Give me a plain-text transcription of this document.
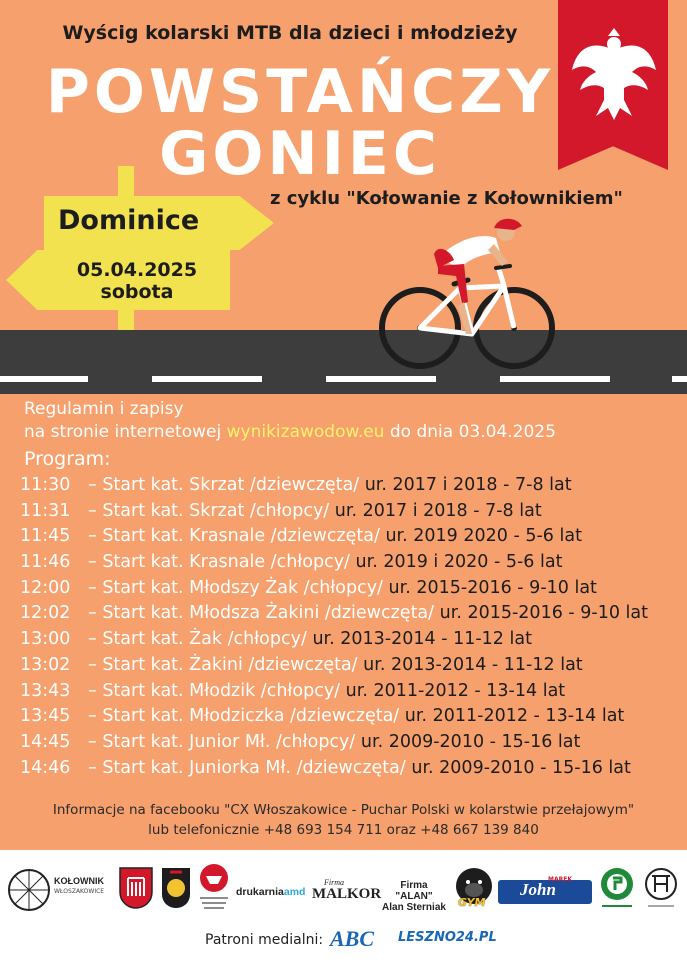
Wyścig kolarski MTB dla dzieci i młodzieży
POWSTAŃCZY
GONIEC
z cyklu "Kołowanie z Kołownikiem"
Dominice
05.04.2025
sobota
Regulamin i zapisy
na stronie internetowej wynikizawodow.eu do dnia 03.04.2025
Program:
11:30 – Start kat. Skrzat /dziewczęta/ ur. 2017 i 2018 - 7-8 lat
11:31 – Start kat. Skrzat /chłopcy/ ur. 2017 i 2018 - 7-8 lat
11:45 – Start kat. Krasnale /dziewczęta/ ur. 2019 2020 - 5-6 lat
11:46 – Start kat. Krasnale /chłopcy/ ur. 2019 i 2020 - 5-6 lat
12:00 – Start kat. Młodszy Żak /chłopcy/ ur. 2015-2016 - 9-10 lat
12:02 – Start kat. Młodsza Żakini /dziewczęta/ ur. 2015-2016 - 9-10 lat
13:00 – Start kat. Żak /chłopcy/ ur. 2013-2014 - 11-12 lat
13:02 – Start kat. Żakini /dziewczęta/ ur. 2013-2014 - 11-12 lat
13:43 – Start kat. Młodzik /chłopcy/ ur. 2011-2012 - 13-14 lat
13:45 – Start kat. Młodziczka /dziewczęta/ ur. 2011-2012 - 13-14 lat
14:45 – Start kat. Junior Mł. /chłopcy/ ur. 2009-2010 - 15-16 lat
14:46 – Start kat. Juniorka Mł. /dziewczęta/ ur. 2009-2010 - 15-16 lat
Informacje na facebooku "CX Włoszakowice - Puchar Polski w kolarstwie przełajowym"
lub telefonicznie +48 693 154 711 oraz +48 667 139 840
KOŁOWNIK
WŁOSZAKOWICE	drukarniaamd
Firma
MALKOR
Firma "ALAN"
Alan Sterniak GYM
MAREK
John
Patroni medialni: ABC LESZNO24.PL
